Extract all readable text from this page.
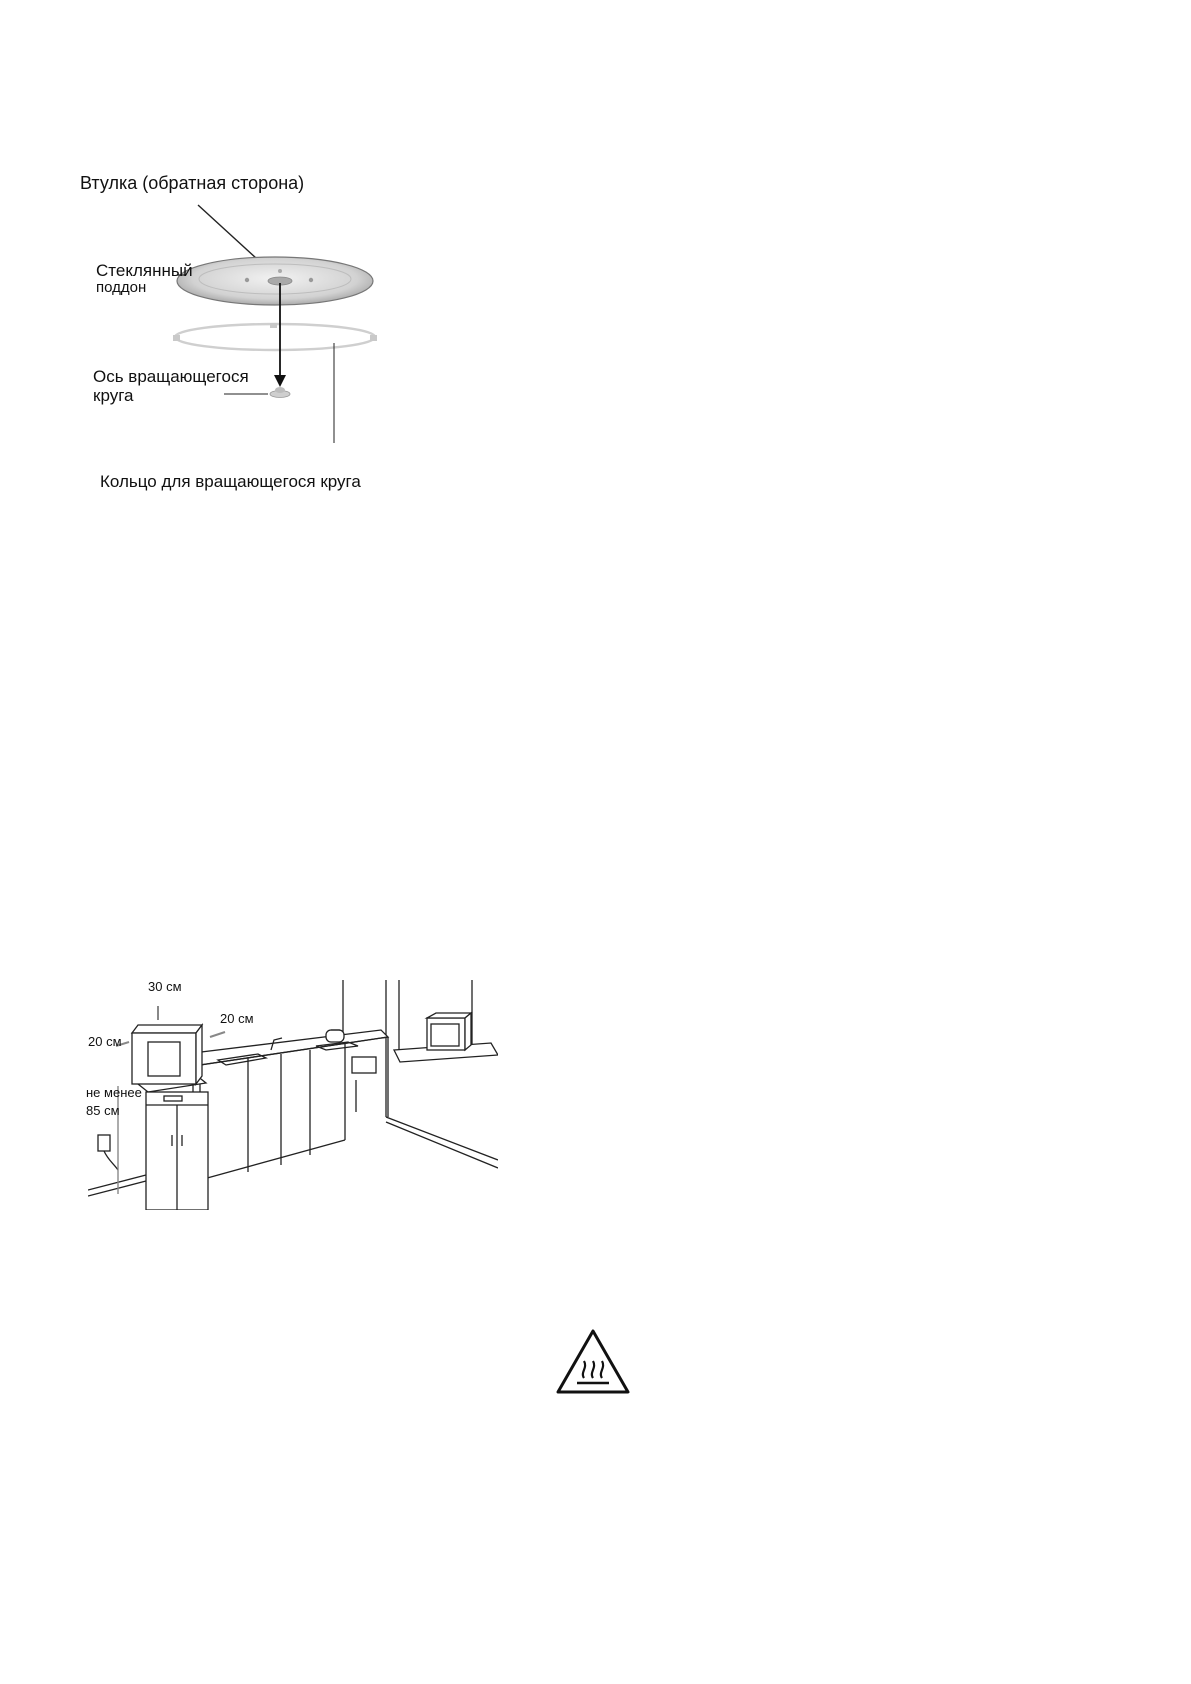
Втулка (обратная сторона)
Стеклянный
поддон
Ось вращающегося
круга
Кольцо для вращающегося круга
30 см
20 см
20 см
не менее
85 см
